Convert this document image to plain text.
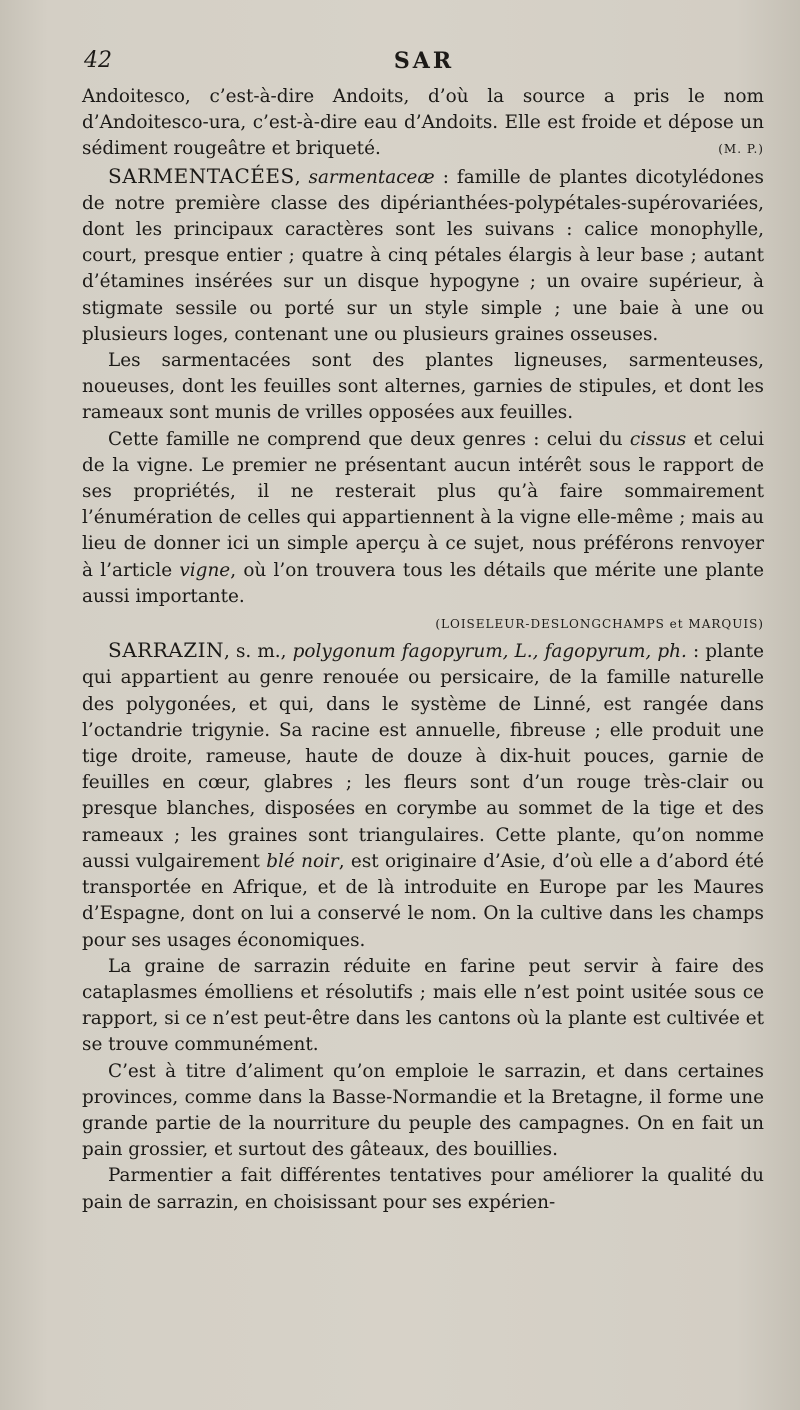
42	SAR

Andoitesco, c’est-à-dire Andoits, d’où la source a pris le nom d’Andoitesco-ura, c’est-à-dire eau d’Andoits. Elle est froide et dépose un sédiment rougeâtre et briqueté.	(M. P.)

SARMENTACÉES, sarmentaceæ : famille de plantes dicotylédones de notre première classe des dipérianthées-polypétales-supérovariées, dont les principaux caractères sont les suivans : calice monophylle, court, presque entier ; quatre à cinq pétales élargis à leur base ; autant d’étamines insérées sur un disque hypogyne ; un ovaire supérieur, à stigmate sessile ou porté sur un style simple ; une baie à une ou plusieurs loges, contenant une ou plusieurs graines osseuses.

Les sarmentacées sont des plantes ligneuses, sarmenteuses, noueuses, dont les feuilles sont alternes, garnies de stipules, et dont les rameaux sont munis de vrilles opposées aux feuilles.

Cette famille ne comprend que deux genres : celui du cissus et celui de la vigne. Le premier ne présentant aucun intérêt sous le rapport de ses propriétés, il ne resterait plus qu’à faire sommairement l’énumération de celles qui appartiennent à la vigne elle-même ; mais au lieu de donner ici un simple aperçu à ce sujet, nous préférons renvoyer à l’article vigne, où l’on trouvera tous les détails que mérite une plante aussi importante.

(LOISELEUR-DESLONGCHAMPS et MARQUIS)

SARRAZIN, s. m., polygonum fagopyrum, L., fagopyrum, ph. : plante qui appartient au genre renouée ou persicaire, de la famille naturelle des polygonées, et qui, dans le système de Linné, est rangée dans l’octandrie trigynie. Sa racine est annuelle, fibreuse ; elle produit une tige droite, rameuse, haute de douze à dix-huit pouces, garnie de feuilles en cœur, glabres ; les fleurs sont d’un rouge très-clair ou presque blanches, disposées en corymbe au sommet de la tige et des rameaux ; les graines sont triangulaires. Cette plante, qu’on nomme aussi vulgairement blé noir, est originaire d’Asie, d’où elle a d’abord été transportée en Afrique, et de là introduite en Europe par les Maures d’Espagne, dont on lui a conservé le nom. On la cultive dans les champs pour ses usages économiques.

La graine de sarrazin réduite en farine peut servir à faire des cataplasmes émolliens et résolutifs ; mais elle n’est point usitée sous ce rapport, si ce n’est peut-être dans les cantons où la plante est cultivée et se trouve communément.

C’est à titre d’aliment qu’on emploie le sarrazin, et dans certaines provinces, comme dans la Basse-Normandie et la Bretagne, il forme une grande partie de la nourriture du peuple des campagnes. On en fait un pain grossier, et surtout des gâteaux, des bouillies.

Parmentier a fait différentes tentatives pour améliorer la qualité du pain de sarrazin, en choisissant pour ses expérien-
